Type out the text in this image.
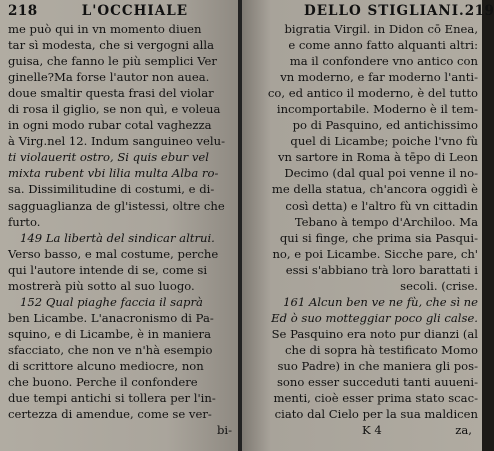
218	L'OCCHIALE
me può qui in vn momento diuen
tar sì modesta, che si vergogni alla
guisa, che fanno le più semplici Ver
ginelle?Ma forse l'autor non auea.
doue smaltir questa frasi del violar
di rosa il giglio, se non quì, e voleua
in ogni modo rubar cotal vaghezza
à Virg.nel 12. Indum sanguineo velu-
ti violauerit ostro, Si quis ebur vel
mixta rubent vbi lilia multa Alba ro-
sa. Dissimilitudine di costumi, e di-
sagguaglianza de gl'istessi, oltre che
furto.
149 La libertà del sindicar altrui.
Verso basso, e mal costume, perche
qui l'autore intende di se, come si
mostrerà più sotto al suo luogo.
152 Qual piaghe faccia il saprà
ben Licambe. L'anacronismo di Pa-
squino, e di Licambe, è in maniera
sfacciato, che non ve n'hà esempio
di scrittore alcuno mediocre, non
che buono. Perche il confondere
due tempi antichi si tollera per l'in-
certezza di amendue, come se ver-
bi-
DELLO STIGLIANI. 219
bigratia Virgil. in Didon cō Enea,
e come anno fatto alquanti altri:
ma il confondere vno antico con
vn moderno, e far moderno l'anti-
co, ed antico il moderno, è del tutto
incomportabile. Moderno è il tem-
po di Pasquino, ed antichissimo
quel di Licambe; poiche l'vno fù
vn sartore in Roma à tēpo di Leon
Decimo (dal qual poi venne il no-
me della statua, ch'ancora oggidì è
così detta) e l'altro fù vn cittadin
Tebano à tempo d'Archiloo. Ma
qui si finge, che prima sia Pasqui-
no, e poi Licambe. Sicche pare, ch'
essi s'abbiano trà loro barattati i
secoli. (crise.
161 Alcun ben ve ne fù, che sì ne
Ed ò suo motteggiar poco gli calse.
Se Pasquino era noto pur dianzi (al
che di sopra hà testificato Momo
suo Padre) in che maniera gli pos-
sono esser succeduti tanti auueni-
menti, cioè esser prima stato scac-
ciato dal Cielo per la sua maldicen
K 4	za,
